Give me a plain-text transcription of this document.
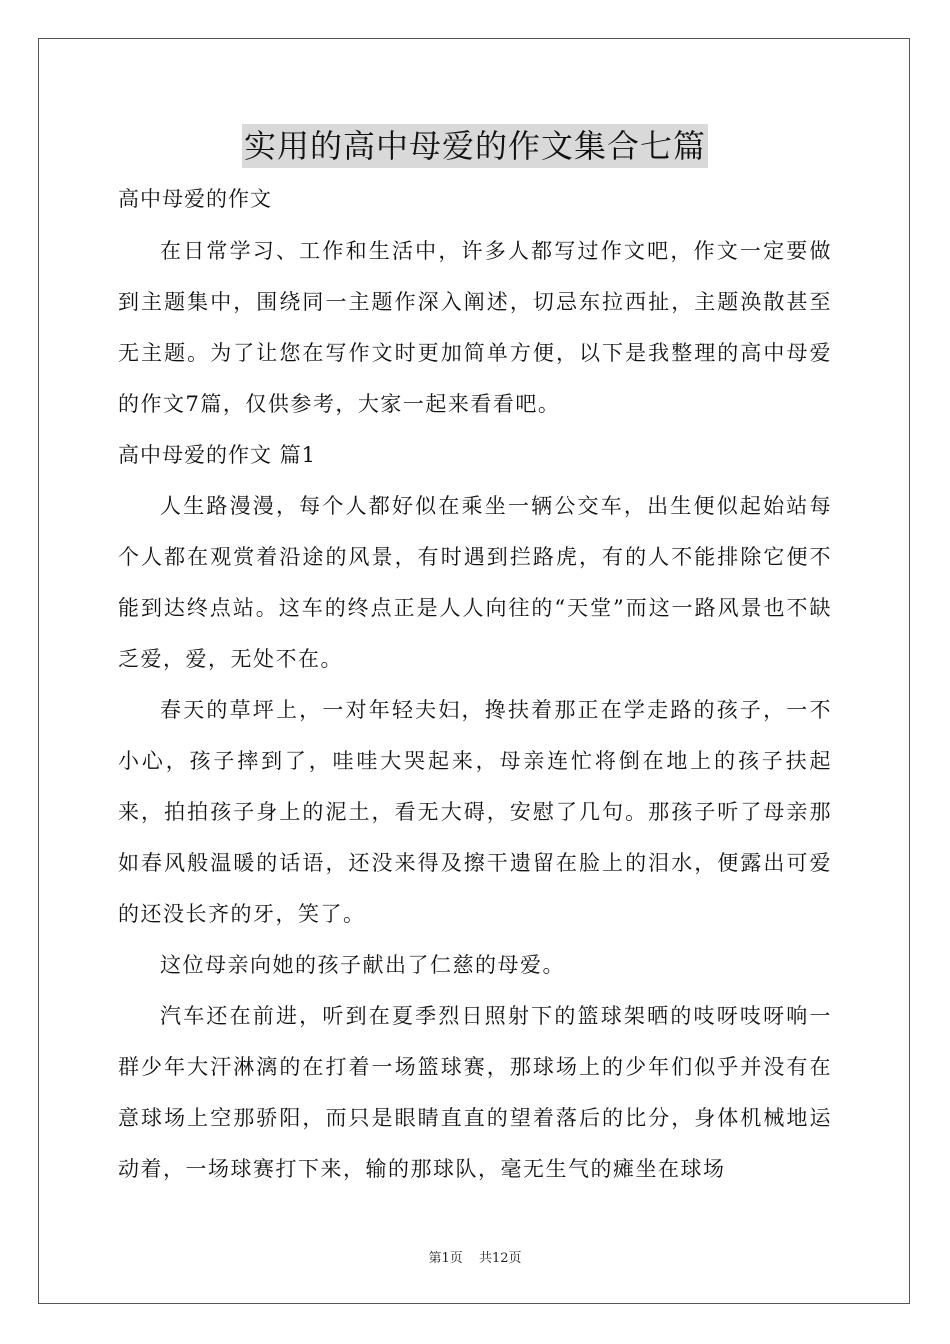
实用的高中母爱的作文集合七篇

高中母爱的作文

在日常学习、工作和生活中，许多人都写过作文吧，作文一定要做到主题集中，围绕同一主题作深入阐述，切忌东拉西扯，主题涣散甚至无主题。为了让您在写作文时更加简单方便，以下是我整理的高中母爱的作文7篇，仅供参考，大家一起来看看吧。

高中母爱的作文 篇1

人生路漫漫，每个人都好似在乘坐一辆公交车，出生便似起始站每个人都在观赏着沿途的风景，有时遇到拦路虎，有的人不能排除它便不能到达终点站。这车的终点正是人人向往的“天堂”而这一路风景也不缺乏爱，爱，无处不在。

春天的草坪上，一对年轻夫妇，搀扶着那正在学走路的孩子，一不小心，孩子摔到了，哇哇大哭起来，母亲连忙将倒在地上的孩子扶起来，拍拍孩子身上的泥土，看无大碍，安慰了几句。那孩子听了母亲那如春风般温暖的话语，还没来得及擦干遗留在脸上的泪水，便露出可爱的还没长齐的牙，笑了。

这位母亲向她的孩子献出了仁慈的母爱。

汽车还在前进，听到在夏季烈日照射下的篮球架晒的吱呀吱呀响一群少年大汗淋漓的在打着一场篮球赛，那球场上的少年们似乎并没有在意球场上空那骄阳，而只是眼睛直直的望着落后的比分，身体机械地运动着，一场球赛打下来，输的那球队，毫无生气的瘫坐在球场

第1页 共12页
